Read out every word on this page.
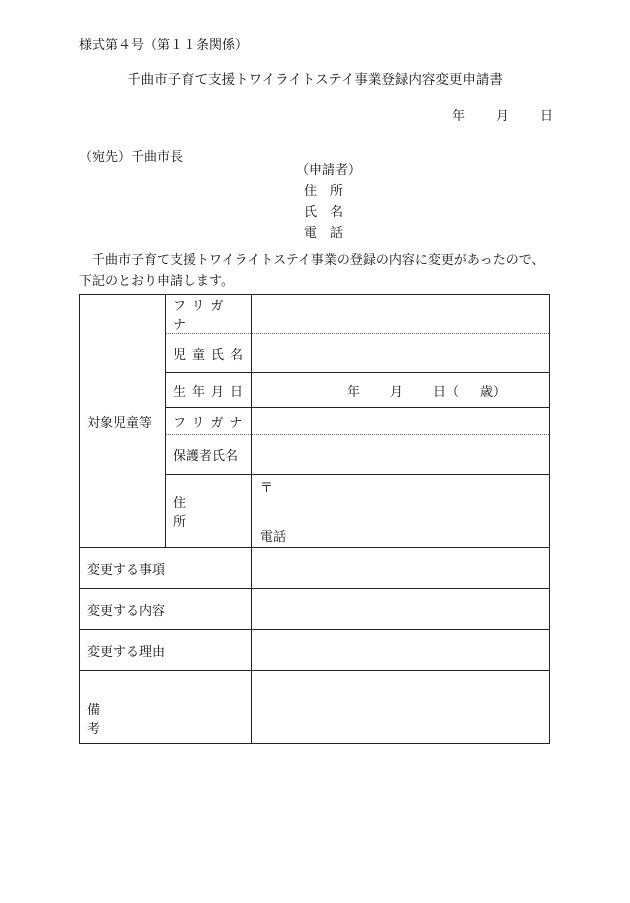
様式第４号（第１１条関係）
千曲市子育て支援トワイライトステイ事業登録内容変更申請書
年 月 日
（宛先）千曲市長
（申請者）
住　所
氏　名
電　話
千曲市子育て支援トワイライトステイ事業の登録の内容に変更があったので、下記のとおり申請します。
対象児童等	フリガナ	

	児童氏名	
	生年月日	年 月 日（ 歳）

	フリガナ	
	保護者氏名	
	住所	〒
電話

変更する事項		
変更する内容		
変更する理由		
備考		
